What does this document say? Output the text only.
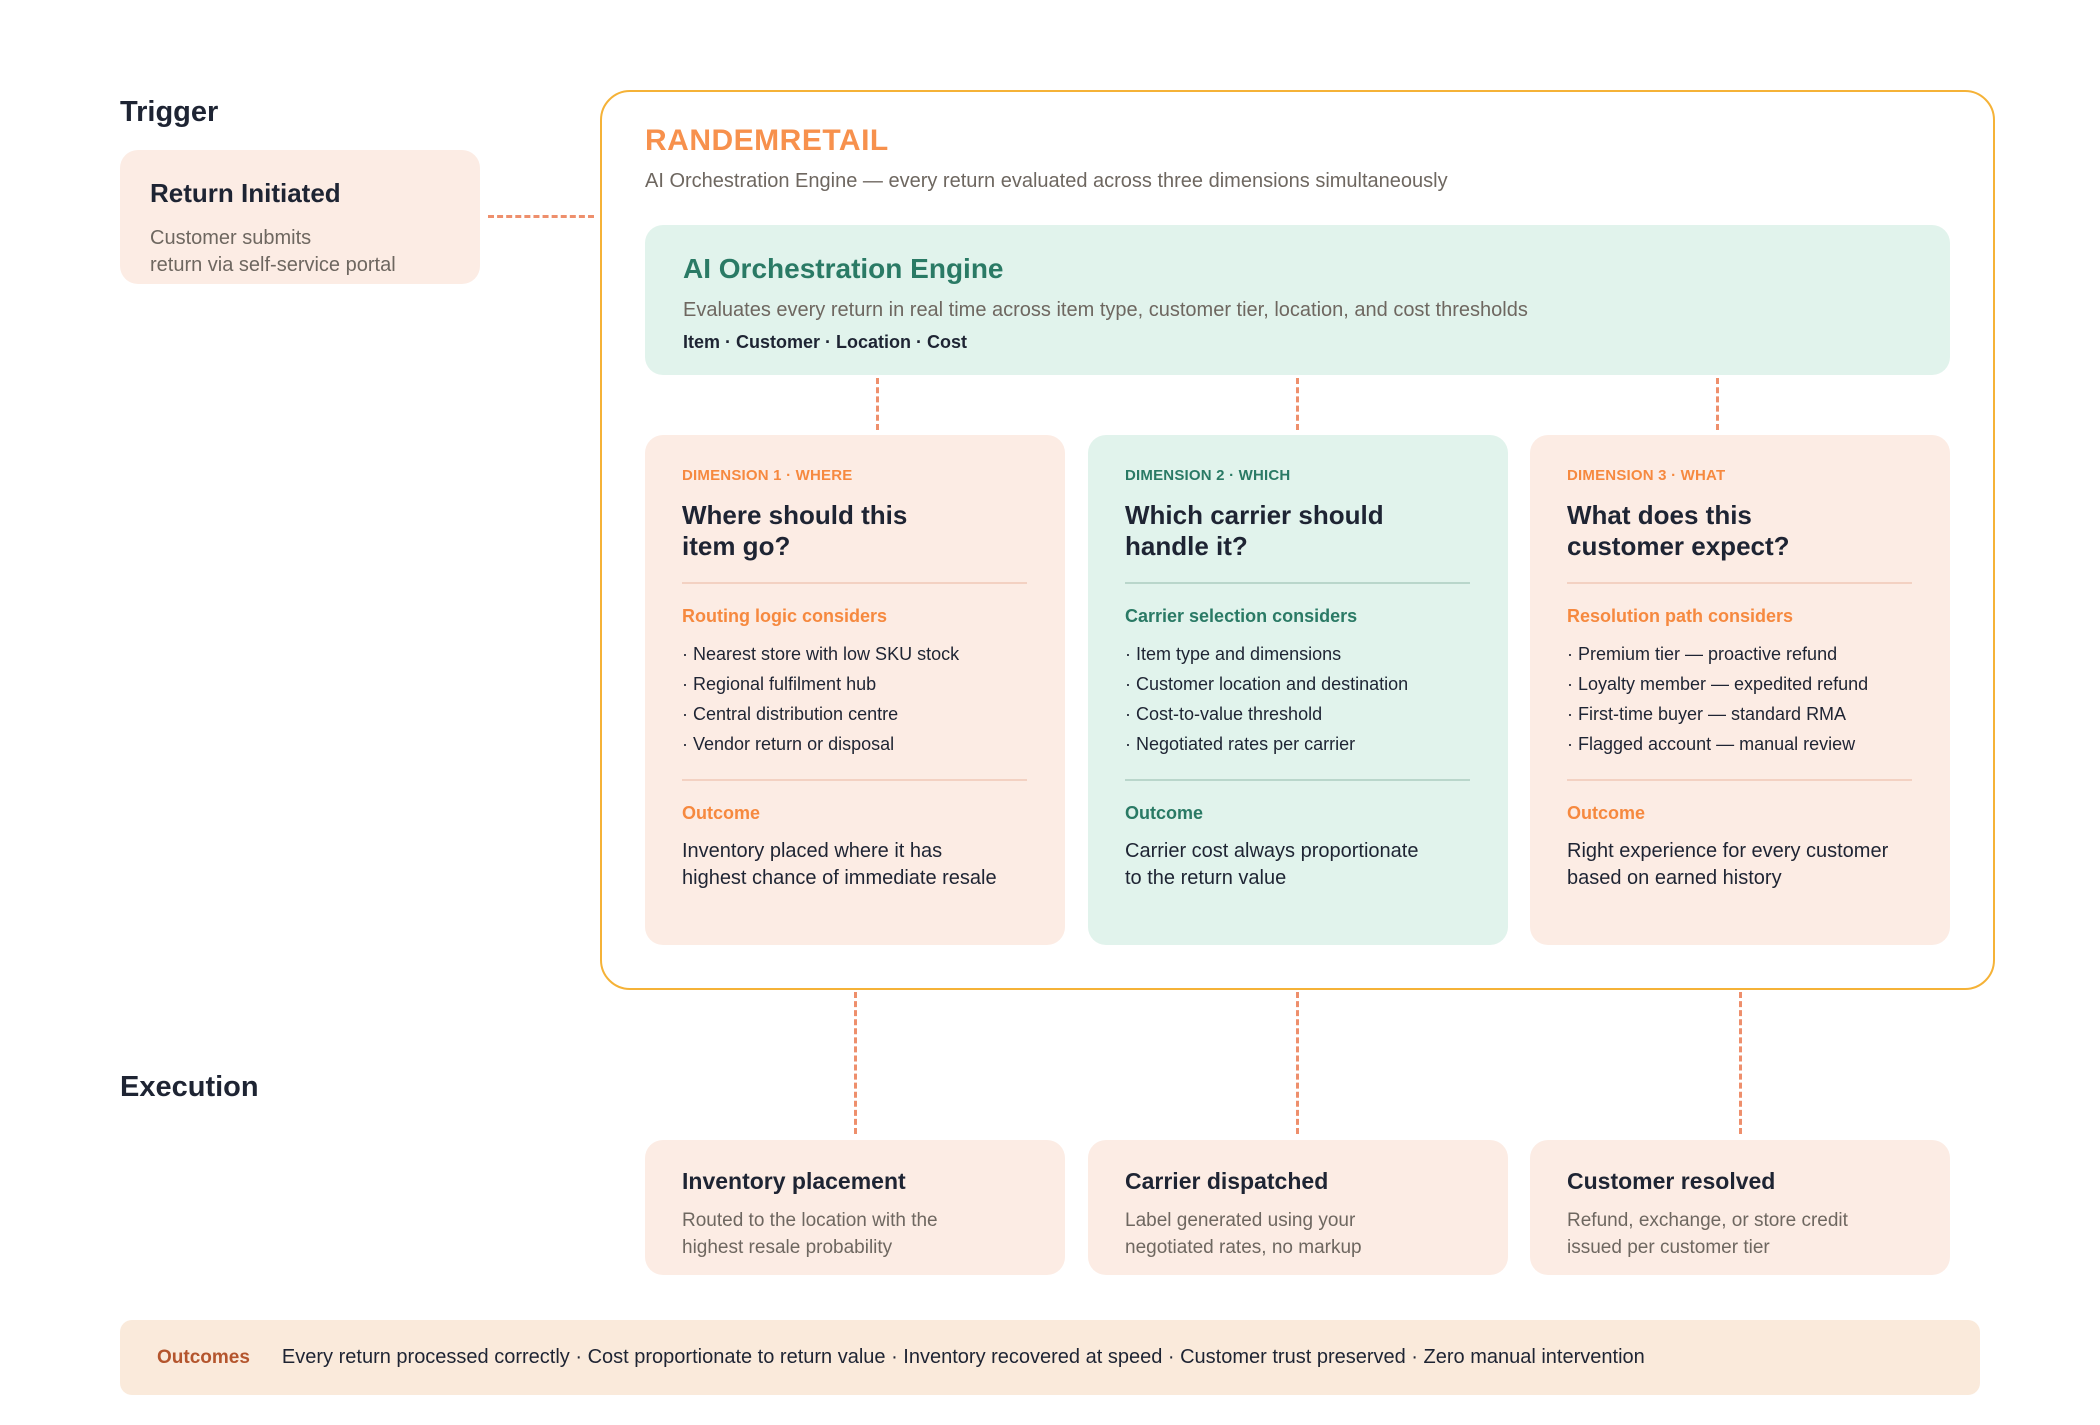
Trigger
Return Initiated
Customer submits
return via self-service portal
RANDEMRETAIL
AI Orchestration Engine — every return evaluated across three dimensions simultaneously
AI Orchestration Engine
Evaluates every return in real time across item type, customer tier, location, and cost thresholds
Item · Customer · Location · Cost
DIMENSION 1 · WHERE
Where should this
item go?
Routing logic considers
· Nearest store with low SKU stock
· Regional fulfilment hub
· Central distribution centre
· Vendor return or disposal
Outcome
Inventory placed where it has
highest chance of immediate resale
DIMENSION 2 · WHICH
Which carrier should
handle it?
Carrier selection considers
· Item type and dimensions
· Customer location and destination
· Cost-to-value threshold
· Negotiated rates per carrier
Outcome
Carrier cost always proportionate
to the return value
DIMENSION 3 · WHAT
What does this
customer expect?
Resolution path considers
· Premium tier — proactive refund
· Loyalty member — expedited refund
· First-time buyer — standard RMA
· Flagged account — manual review
Outcome
Right experience for every customer
based on earned history
Execution
Inventory placement
Routed to the location with the
highest resale probability
Carrier dispatched
Label generated using your
negotiated rates, no markup
Customer resolved
Refund, exchange, or store credit
issued per customer tier
Outcomes Every return processed correctly · Cost proportionate to return value · Inventory recovered at speed · Customer trust preserved · Zero manual intervention
